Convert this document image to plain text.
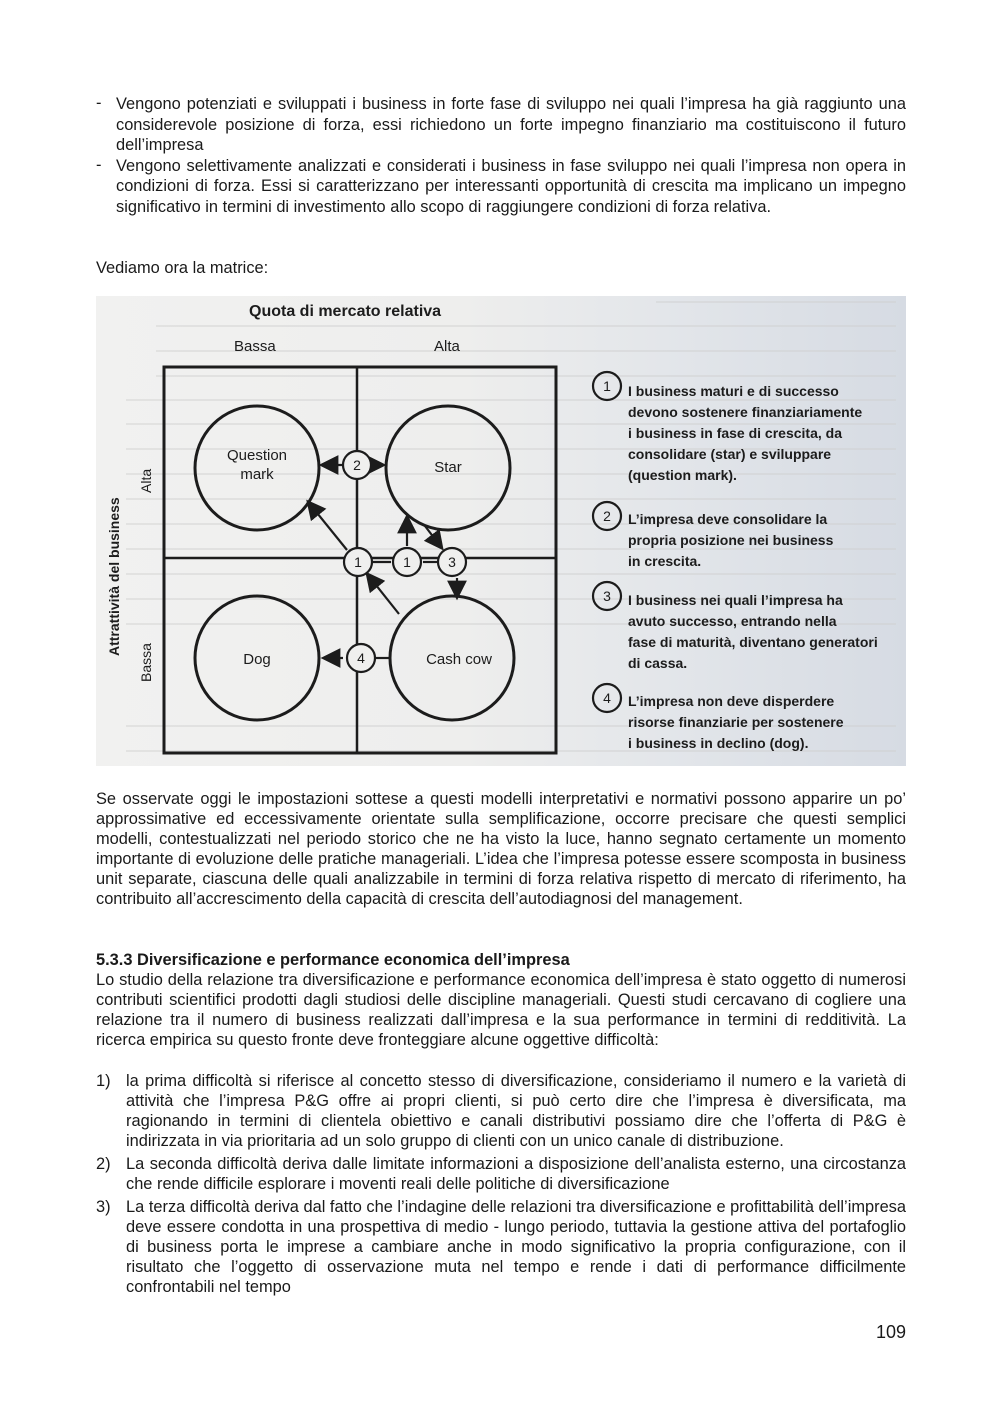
- Vengono potenziati e sviluppati i business in forte fase di sviluppo nei quali l’impresa ha già raggiunto una considerevole posizione di forza, essi richiedono un forte impegno finanziario ma costituiscono il futuro dell’impresa
- Vengono selettivamente analizzati e considerati i business in fase sviluppo nei quali l’impresa non opera in condizioni di forza. Essi si caratterizzano per interessanti opportunità di crescita ma implicano un impegno significativo in termini di investimento allo scopo di raggiungere condizioni di forza relativa.

Vediamo ora la matrice:

Quota di mercato relativa
Bassa	Alta
Attrattività del business
Alta
Bassa
Question
mark	Star
Dog	Cash cow
2
1	1	3
4
1 I business maturi e di successo
devono sostenere finanziariamente
i business in fase di crescita, da
consolidare (star) e sviluppare
(question mark).
2 L’impresa deve consolidare la
propria posizione nei business
in crescita.
3 I business nei quali l’impresa ha
avuto successo, entrando nella
fase di maturità, diventano generatori
di cassa.
4 L’impresa non deve disperdere
risorse finanziarie per sostenere
i business in declino (dog).

Se osservate oggi le impostazioni sottese a questi modelli interpretativi e normativi possono apparire un po’ approssimative ed eccessivamente orientate sulla semplificazione, occorre precisare che questi semplici modelli, contestualizzati nel periodo storico che ne ha visto la luce, hanno segnato certamente un momento importante di evoluzione delle pratiche manageriali. L’idea che l’impresa potesse essere scomposta in business unit separate, ciascuna delle quali analizzabile in termini di forza relativa rispetto di mercato di riferimento, ha contribuito all’accrescimento della capacità di crescita dell’autodiagnosi del management.

5.3.3 Diversificazione e performance economica dell’impresa

Lo studio della relazione tra diversificazione e performance economica dell’impresa è stato oggetto di numerosi contributi scientifici prodotti dagli studiosi delle discipline manageriali. Questi studi cercavano di cogliere una relazione tra il numero di business realizzati dall’impresa e la sua performance in termini di redditività. La ricerca empirica su questo fronte deve fronteggiare alcune oggettive difficoltà:

1) la prima difficoltà si riferisce al concetto stesso di diversificazione, consideriamo il numero e la varietà di attività che l’impresa P&G offre ai propri clienti, si può certo dire che l’impresa è diversificata, ma ragionando in termini di clientela obiettivo e canali distributivi possiamo dire che l’offerta di P&G è indirizzata in via prioritaria ad un solo gruppo di clienti con un unico canale di distribuzione.
2) La seconda difficoltà deriva dalle limitate informazioni a disposizione dell’analista esterno, una circostanza che rende difficile esplorare i moventi reali delle politiche di diversificazione
3) La terza difficoltà deriva dal fatto che l’indagine delle relazioni tra diversificazione e profittabilità dell’impresa deve essere condotta in una prospettiva di medio - lungo periodo, tuttavia la gestione attiva del portafoglio di business porta le imprese a cambiare anche in modo significativo la propria configurazione, con il risultato che l’oggetto di osservazione muta nel tempo e rende i dati di performance difficilmente confrontabili nel tempo
109
